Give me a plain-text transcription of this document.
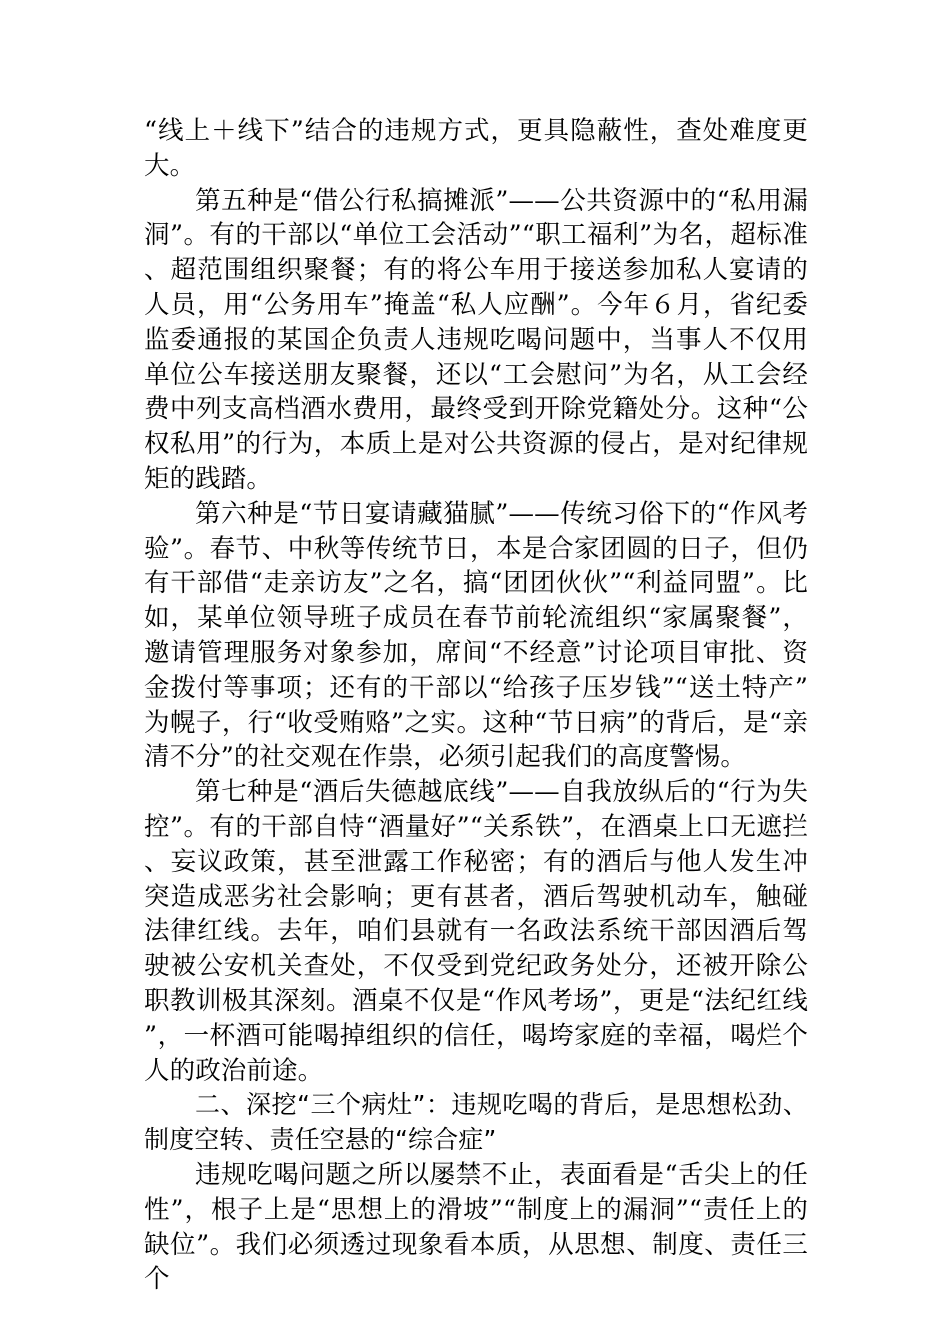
“线上＋线下”结合的违规方式，更具隐蔽性，查处难度更大。

第五种是“借公行私搞摊派”——公共资源中的“私用漏洞”。有的干部以“单位工会活动”“职工福利”为名，超标准、超范围组织聚餐；有的将公车用于接送参加私人宴请的人员，用“公务用车”掩盖“私人应酬”。今年６月，省纪委监委通报的某国企负责人违规吃喝问题中，当事人不仅用单位公车接送朋友聚餐，还以“工会慰问”为名，从工会经费中列支高档酒水费用，最终受到开除党籍处分。这种“公权私用”的行为，本质上是对公共资源的侵占，是对纪律规矩的践踏。

第六种是“节日宴请藏猫腻”——传统习俗下的“作风考验”。春节、中秋等传统节日，本是合家团圆的日子，但仍有干部借“走亲访友”之名，搞“团团伙伙”“利益同盟”。比如，某单位领导班子成员在春节前轮流组织“家属聚餐”，邀请管理服务对象参加，席间“不经意”讨论项目审批、资金拨付等事项；还有的干部以“给孩子压岁钱”“送土特产”为幌子，行“收受贿赂”之实。这种“节日病”的背后，是“亲清不分”的社交观在作祟，必须引起我们的高度警惕。

第七种是“酒后失德越底线”——自我放纵后的“行为失控”。有的干部自恃“酒量好”“关系铁”，在酒桌上口无遮拦、妄议政策，甚至泄露工作秘密；有的酒后与他人发生冲突造成恶劣社会影响；更有甚者，酒后驾驶机动车，触碰法律红线。去年，咱们县就有一名政法系统干部因酒后驾驶被公安机关查处，不仅受到党纪政务处分，还被开除公职教训极其深刻。酒桌不仅是“作风考场”，更是“法纪红线”，一杯酒可能喝掉组织的信任，喝垮家庭的幸福，喝烂个人的政治前途。

二、深挖“三个病灶”：违规吃喝的背后，是思想松劲、制度空转、责任空悬的“综合症”

违规吃喝问题之所以屡禁不止，表面看是“舌尖上的任性”，根子上是“思想上的滑坡”“制度上的漏洞”“责任上的缺位”。我们必须透过现象看本质，从思想、制度、责任三个
